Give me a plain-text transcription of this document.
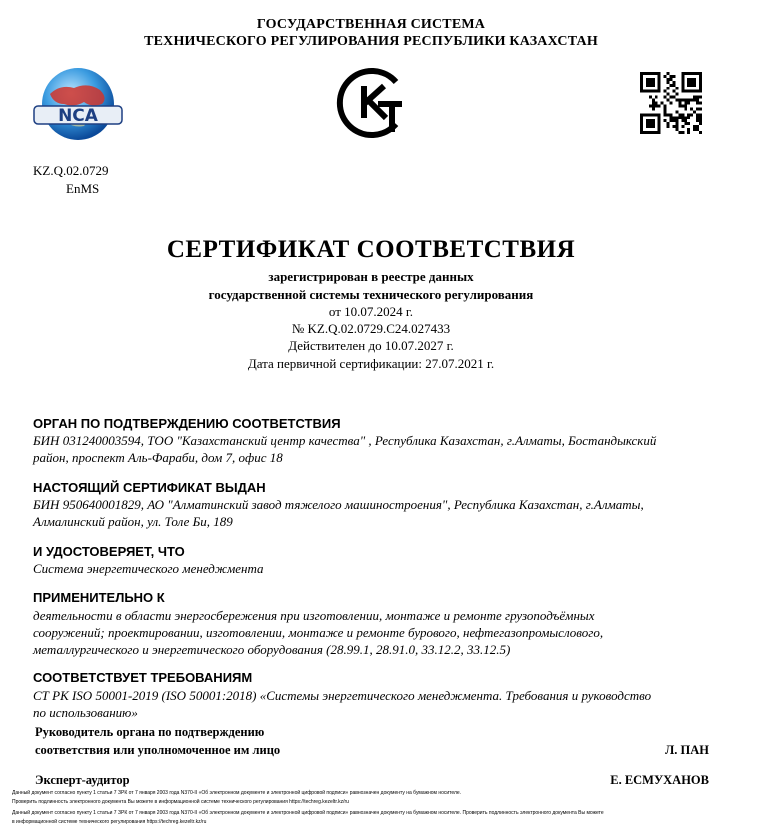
ГОСУДАРСТВЕННАЯ СИСТЕМА
ТЕХНИЧЕСКОГО РЕГУЛИРОВАНИЯ РЕСПУБЛИКИ КАЗАХСТАН
NCA
KZ.Q.02.0729
EnMS
СЕРТИФИКАТ СООТВЕТСТВИЯ
зарегистрирован в реестре данных
государственной системы технического регулирования
от 10.07.2024 г.
№ KZ.Q.02.0729.C24.027433
Действителен до 10.07.2027 г.
Дата первичной сертификации: 27.07.2021 г.
ОРГАН ПО ПОДТВЕРЖДЕНИЮ СООТВЕТСТВИЯ
БИН 031240003594, ТОО "Казахстанский центр качества" , Республика Казахстан, г.Алматы, Бостандыкский
район, проспект Аль-Фараби, дом 7, офис 18
НАСТОЯЩИЙ СЕРТИФИКАТ ВЫДАН
БИН 950640001829, АО "Алматинский завод тяжелого машиностроения", Республика Казахстан, г.Алматы,
Алмалинский район, ул. Толе Би, 189
И УДОСТОВЕРЯЕТ, ЧТО
Система энергетического менеджмента
ПРИМЕНИТЕЛЬНО К
деятельности в области энергосбережения при изготовлении, монтаже и ремонте грузоподъёмных
сооружений; проектировании, изготовлении, монтаже и ремонте бурового, нефтегазопромыслового,
металлургического и энергетического оборудования (28.99.1, 28.91.0, 33.12.2, 33.12.5)
СООТВЕТСТВУЕТ ТРЕБОВАНИЯМ
СТ РК ISO 50001-2019 (ISO 50001:2018) «Системы энергетического менеджмента. Требования и руководство
по использованию»
Руководитель органа по подтверждению
соответствия или уполномоченное им лицо	Л. ПАН
Эксперт-аудитор	Е. ЕСМУХАНОВ
Данный документ согласно пункту 1 статьи 7 ЗРК от 7 января 2003 года N370-II «Об электронном документе и электронной цифровой подписи» равнозначен документу на бумажном носителе.
Проверить подлинность электронного документа Вы можете в информационной системе технического регулирования https://techreg.kezeltr.kz/ru
Данный документ согласно пункту 1 статьи 7 ЗРК от 7 января 2003 года N370-II «Об электронном документе и электронной цифровой подписи» равнозначен документу на бумажном носителе. Проверить подлинность электронного документа Вы можете
в информационной системе технического регулирования https://techreg.kezeltr.kz/ru
